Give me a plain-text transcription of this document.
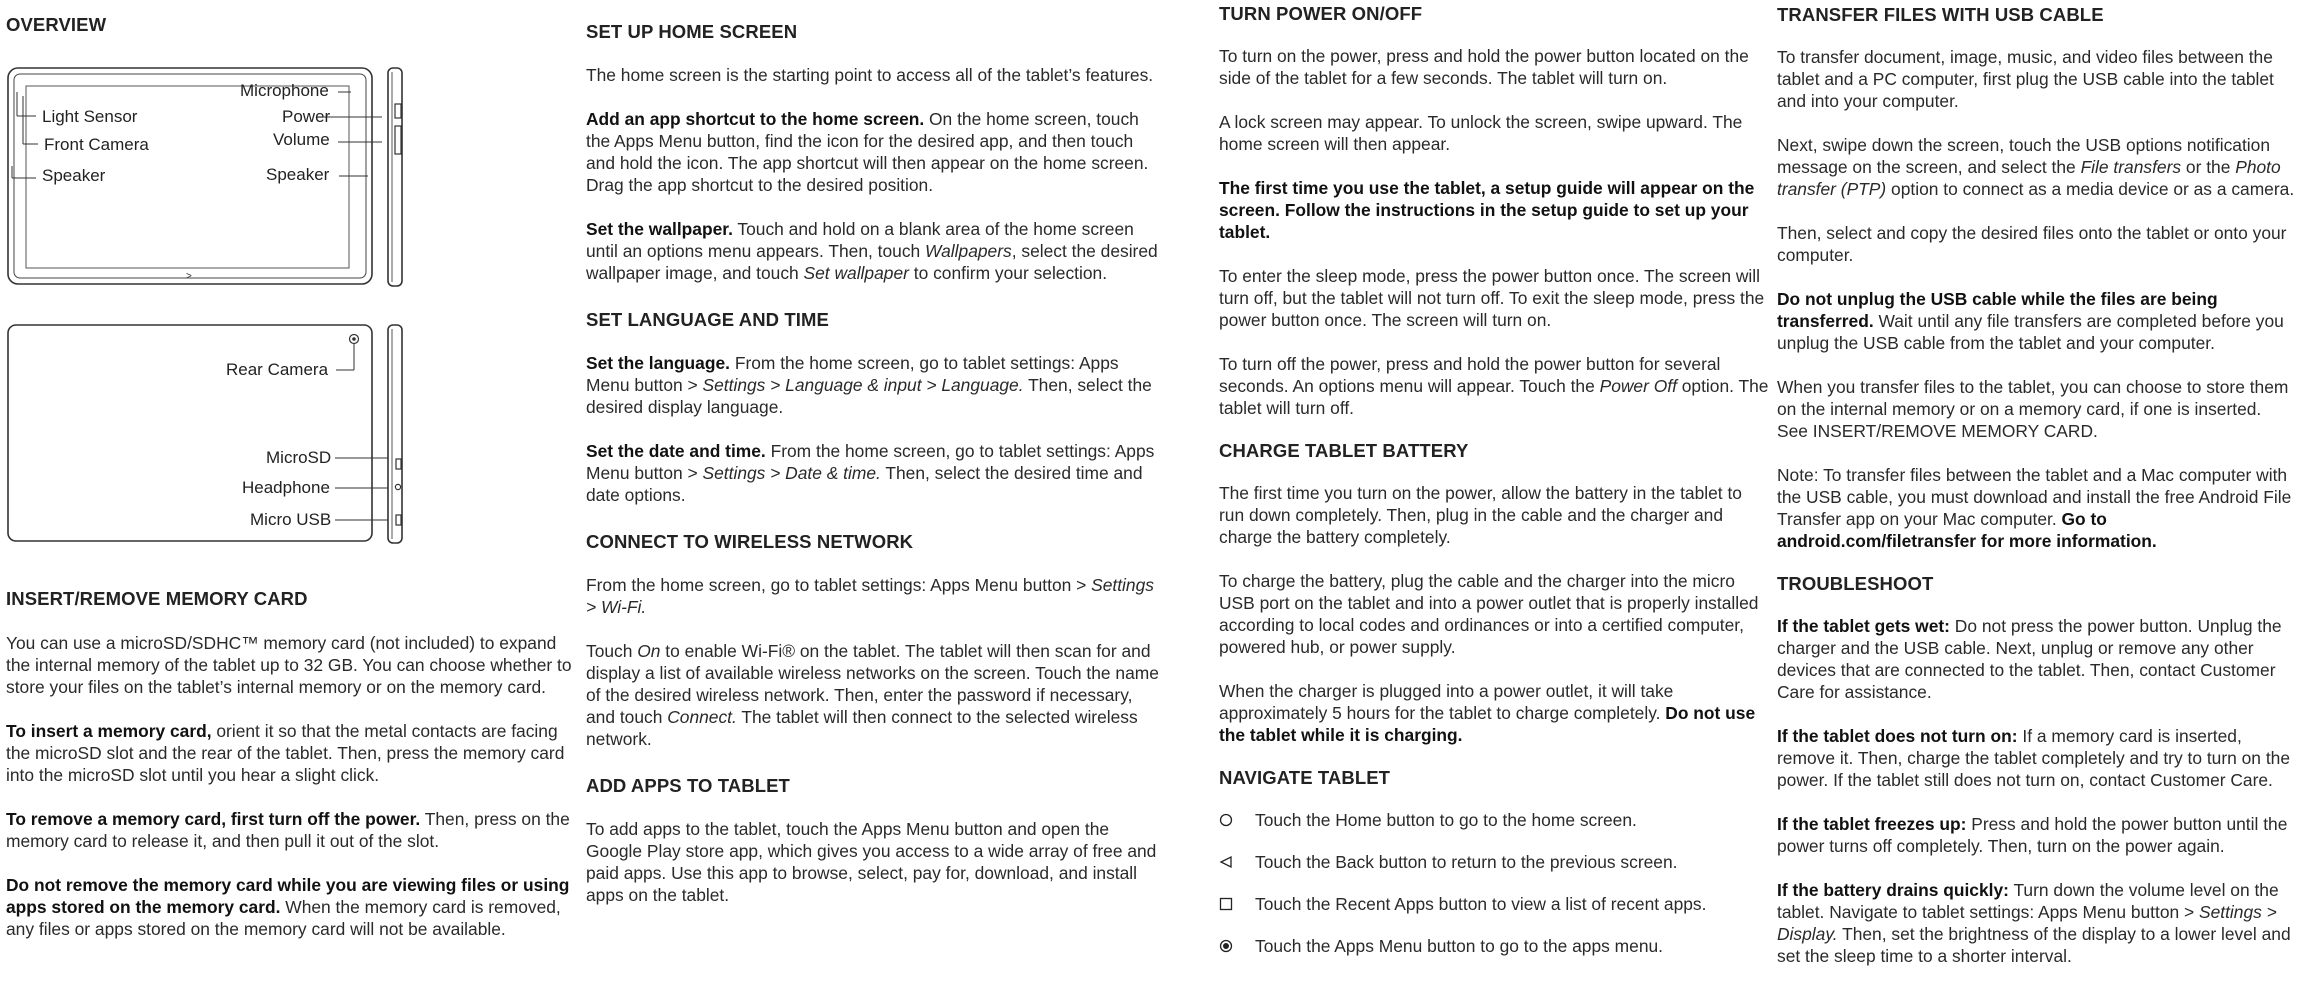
OVERVIEW
>
Light Sensor
Front Camera
Speaker
Microphone
Power
Volume
Speaker
Rear Camera
MicroSD
Headphone
Micro USB
INSERT/REMOVE MEMORY CARD

You can use a microSD/SDHC™ memory card (not included) to expand the internal memory of the tablet up to 32 GB. You can choose whether to store your files on the tablet’s internal memory or on the memory card.

To insert a memory card, orient it so that the metal contacts are facing the microSD slot and the rear of the tablet. Then, press the memory card into the microSD slot until you hear a slight click.

To remove a memory card, first turn off the power. Then, press on the memory card to release it, and then pull it out of the slot.

Do not remove the memory card while you are viewing files or using apps stored on the memory card. When the memory card is removed, any files or apps stored on the memory card will not be available.

SET UP HOME SCREEN

The home screen is the starting point to access all of the tablet’s features.

Add an app shortcut to the home screen. On the home screen, touch the Apps Menu button, find the icon for the desired app, and then touch and hold the icon. The app shortcut will then appear on the home screen. Drag the app shortcut to the desired position.

Set the wallpaper. Touch and hold on a blank area of the home screen until an options menu appears. Then, touch Wallpapers, select the desired wallpaper image, and touch Set wallpaper to confirm your selection.

SET LANGUAGE AND TIME

Set the language. From the home screen, go to tablet settings: Apps Menu button > Settings > Language & input > Language. Then, select the desired display language.

Set the date and time. From the home screen, go to tablet settings: Apps Menu button > Settings > Date & time. Then, select the desired time and date options.

CONNECT TO WIRELESS NETWORK

From the home screen, go to tablet settings: Apps Menu button > Settings > Wi-Fi.

Touch On to enable Wi-Fi® on the tablet. The tablet will then scan for and display a list of available wireless networks on the screen. Touch the name of the desired wireless network. Then, enter the password if necessary, and touch Connect. The tablet will then connect to the selected wireless network.

ADD APPS TO TABLET

To add apps to the tablet, touch the Apps Menu button and open the Google Play store app, which gives you access to a wide array of free and paid apps. Use this app to browse, select, pay for, download, and install apps on the tablet.

TURN POWER ON/OFF

To turn on the power, press and hold the power button located on the side of the tablet for a few seconds. The tablet will turn on.

A lock screen may appear. To unlock the screen, swipe upward. The home screen will then appear.

The first time you use the tablet, a setup guide will appear on the screen. Follow the instructions in the setup guide to set up your tablet.

To enter the sleep mode, press the power button once. The screen will turn off, but the tablet will not turn off. To exit the sleep mode, press the power button once. The screen will turn on.

To turn off the power, press and hold the power button for several seconds. An options menu will appear. Touch the Power Off option. The tablet will turn off.

CHARGE TABLET BATTERY

The first time you turn on the power, allow the battery in the tablet to run down completely. Then, plug in the cable and the charger and charge the battery completely.

To charge the battery, plug the cable and the charger into the micro USB port on the tablet and into a power outlet that is properly installed according to local codes and ordinances or into a certified computer, powered hub, or power supply.

When the charger is plugged into a power outlet, it will take approximately 5 hours for the tablet to charge completely. Do not use the tablet while it is charging.

NAVIGATE TABLET
Touch the Home button to go to the home screen.
Touch the Back button to return to the previous screen.
Touch the Recent Apps button to view a list of recent apps.
Touch the Apps Menu button to go to the apps menu.
TRANSFER FILES WITH USB CABLE

To transfer document, image, music, and video files between the tablet and a PC computer, first plug the USB cable into the tablet and into your computer.

Next, swipe down the screen, touch the USB options notification message on the screen, and select the File transfers or the Photo transfer (PTP) option to connect as a media device or as a camera.

Then, select and copy the desired files onto the tablet or onto your computer.

Do not unplug the USB cable while the files are being transferred. Wait until any file transfers are completed before you unplug the USB cable from the tablet and your computer.

When you transfer files to the tablet, you can choose to store them on the internal memory or on a memory card, if one is inserted. See INSERT/REMOVE MEMORY CARD.

Note: To transfer files between the tablet and a Mac computer with the USB cable, you must download and install the free Android File Transfer app on your Mac computer. Go to android.com/filetransfer for more information.

TROUBLESHOOT

If the tablet gets wet: Do not press the power button. Unplug the charger and the USB cable. Next, unplug or remove any other devices that are connected to the tablet. Then, contact Customer Care for assistance.

If the tablet does not turn on: If a memory card is inserted, remove it. Then, charge the tablet completely and try to turn on the power. If the tablet still does not turn on, contact Customer Care.

If the tablet freezes up: Press and hold the power button until the power turns off completely. Then, turn on the power again.

If the battery drains quickly: Turn down the volume level on the tablet. Navigate to tablet settings: Apps Menu button > Settings > Display. Then, set the brightness of the display to a lower level and set the sleep time to a shorter interval.
